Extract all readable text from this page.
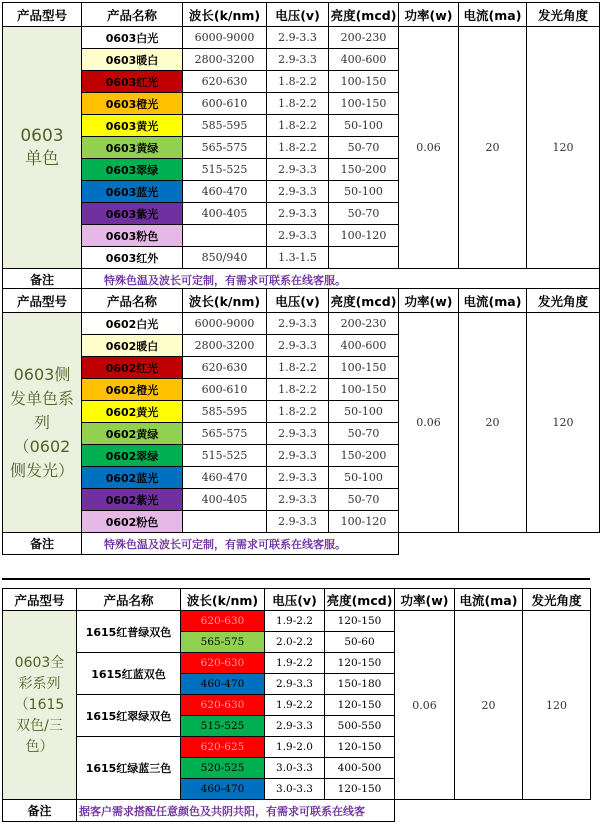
产品型号	产品名称	波长(k/nm)	电压(v)	亮度(mcd)	功率(w)	电流(ma)	发光角度

0603单色	0603白光	6000-9000	2.9-3.3	200-230	0.06	20	120
	0603暖白	2800-3200	2.9-3.3	400-600			
	0603红光	620-630	1.8-2.2	100-150			
	0603橙光	600-610	1.8-2.2	100-150			
	0603黄光	585-595	1.8-2.2	50-100			
	0603黄绿	565-575	1.8-2.2	50-70			
	0603翠绿	515-525	2.9-3.3	150-200			
	0603蓝光	460-470	2.9-3.3	50-100			
	0603紫光	400-405	2.9-3.3	50-70			
	0603粉色		2.9-3.3	100-120			
	0603红外	850/940	1.3-1.5				
备注	特殊色温及波长可定制，有需求可联系在线客服。						
产品型号	产品名称	波长(k/nm)	电压(v)	亮度(mcd)	功率(w)	电流(ma)	发光角度

0603侧发单色系列（0602侧发光）	0602白光	6000-9000	2.9-3.3	200-230	0.06	20	120
	0602暖白	2800-3200	2.9-3.3	400-600			
	0602红光	620-630	1.8-2.2	100-150			
	0602橙光	600-610	1.8-2.2	100-150			
	0602黄光	585-595	1.8-2.2	50-100			
	0602黄绿	565-575	2.9-3.3	50-70			
	0602翠绿	515-525	2.9-3.3	150-200			
	0602蓝光	460-470	2.9-3.3	50-100			
	0602紫光	400-405	2.9-3.3	50-70			
	0602粉色		2.9-3.3	100-120			
备注	特殊色温及波长可定制，有需求可联系在线客服。						
产品型号	产品名称	波长(k/nm)	电压(v)	亮度(mcd)	功率(w)	电流(ma)	发光角度

0603全彩系列（1615双色/三色）	1615红普绿双色	620-630	1.9-2.2	120-150	0.06	20	120
		565-575	2.0-2.2	50-60			
	1615红蓝双色	620-630	1.9-2.2	120-150			
		460-470	2.9-3.3	150-180			
	1615红翠绿双色	620-630	1.9-2.2	120-150			
		515-525	2.9-3.3	500-550			
	1615红绿蓝三色	620-625	1.9-2.0	120-150			
		520-525	3.0-3.3	400-500			
		460-470	3.0-3.3	120-150			
备注	据客户需求搭配任意颜色及共阴共阳，有需求可联系在线客						
